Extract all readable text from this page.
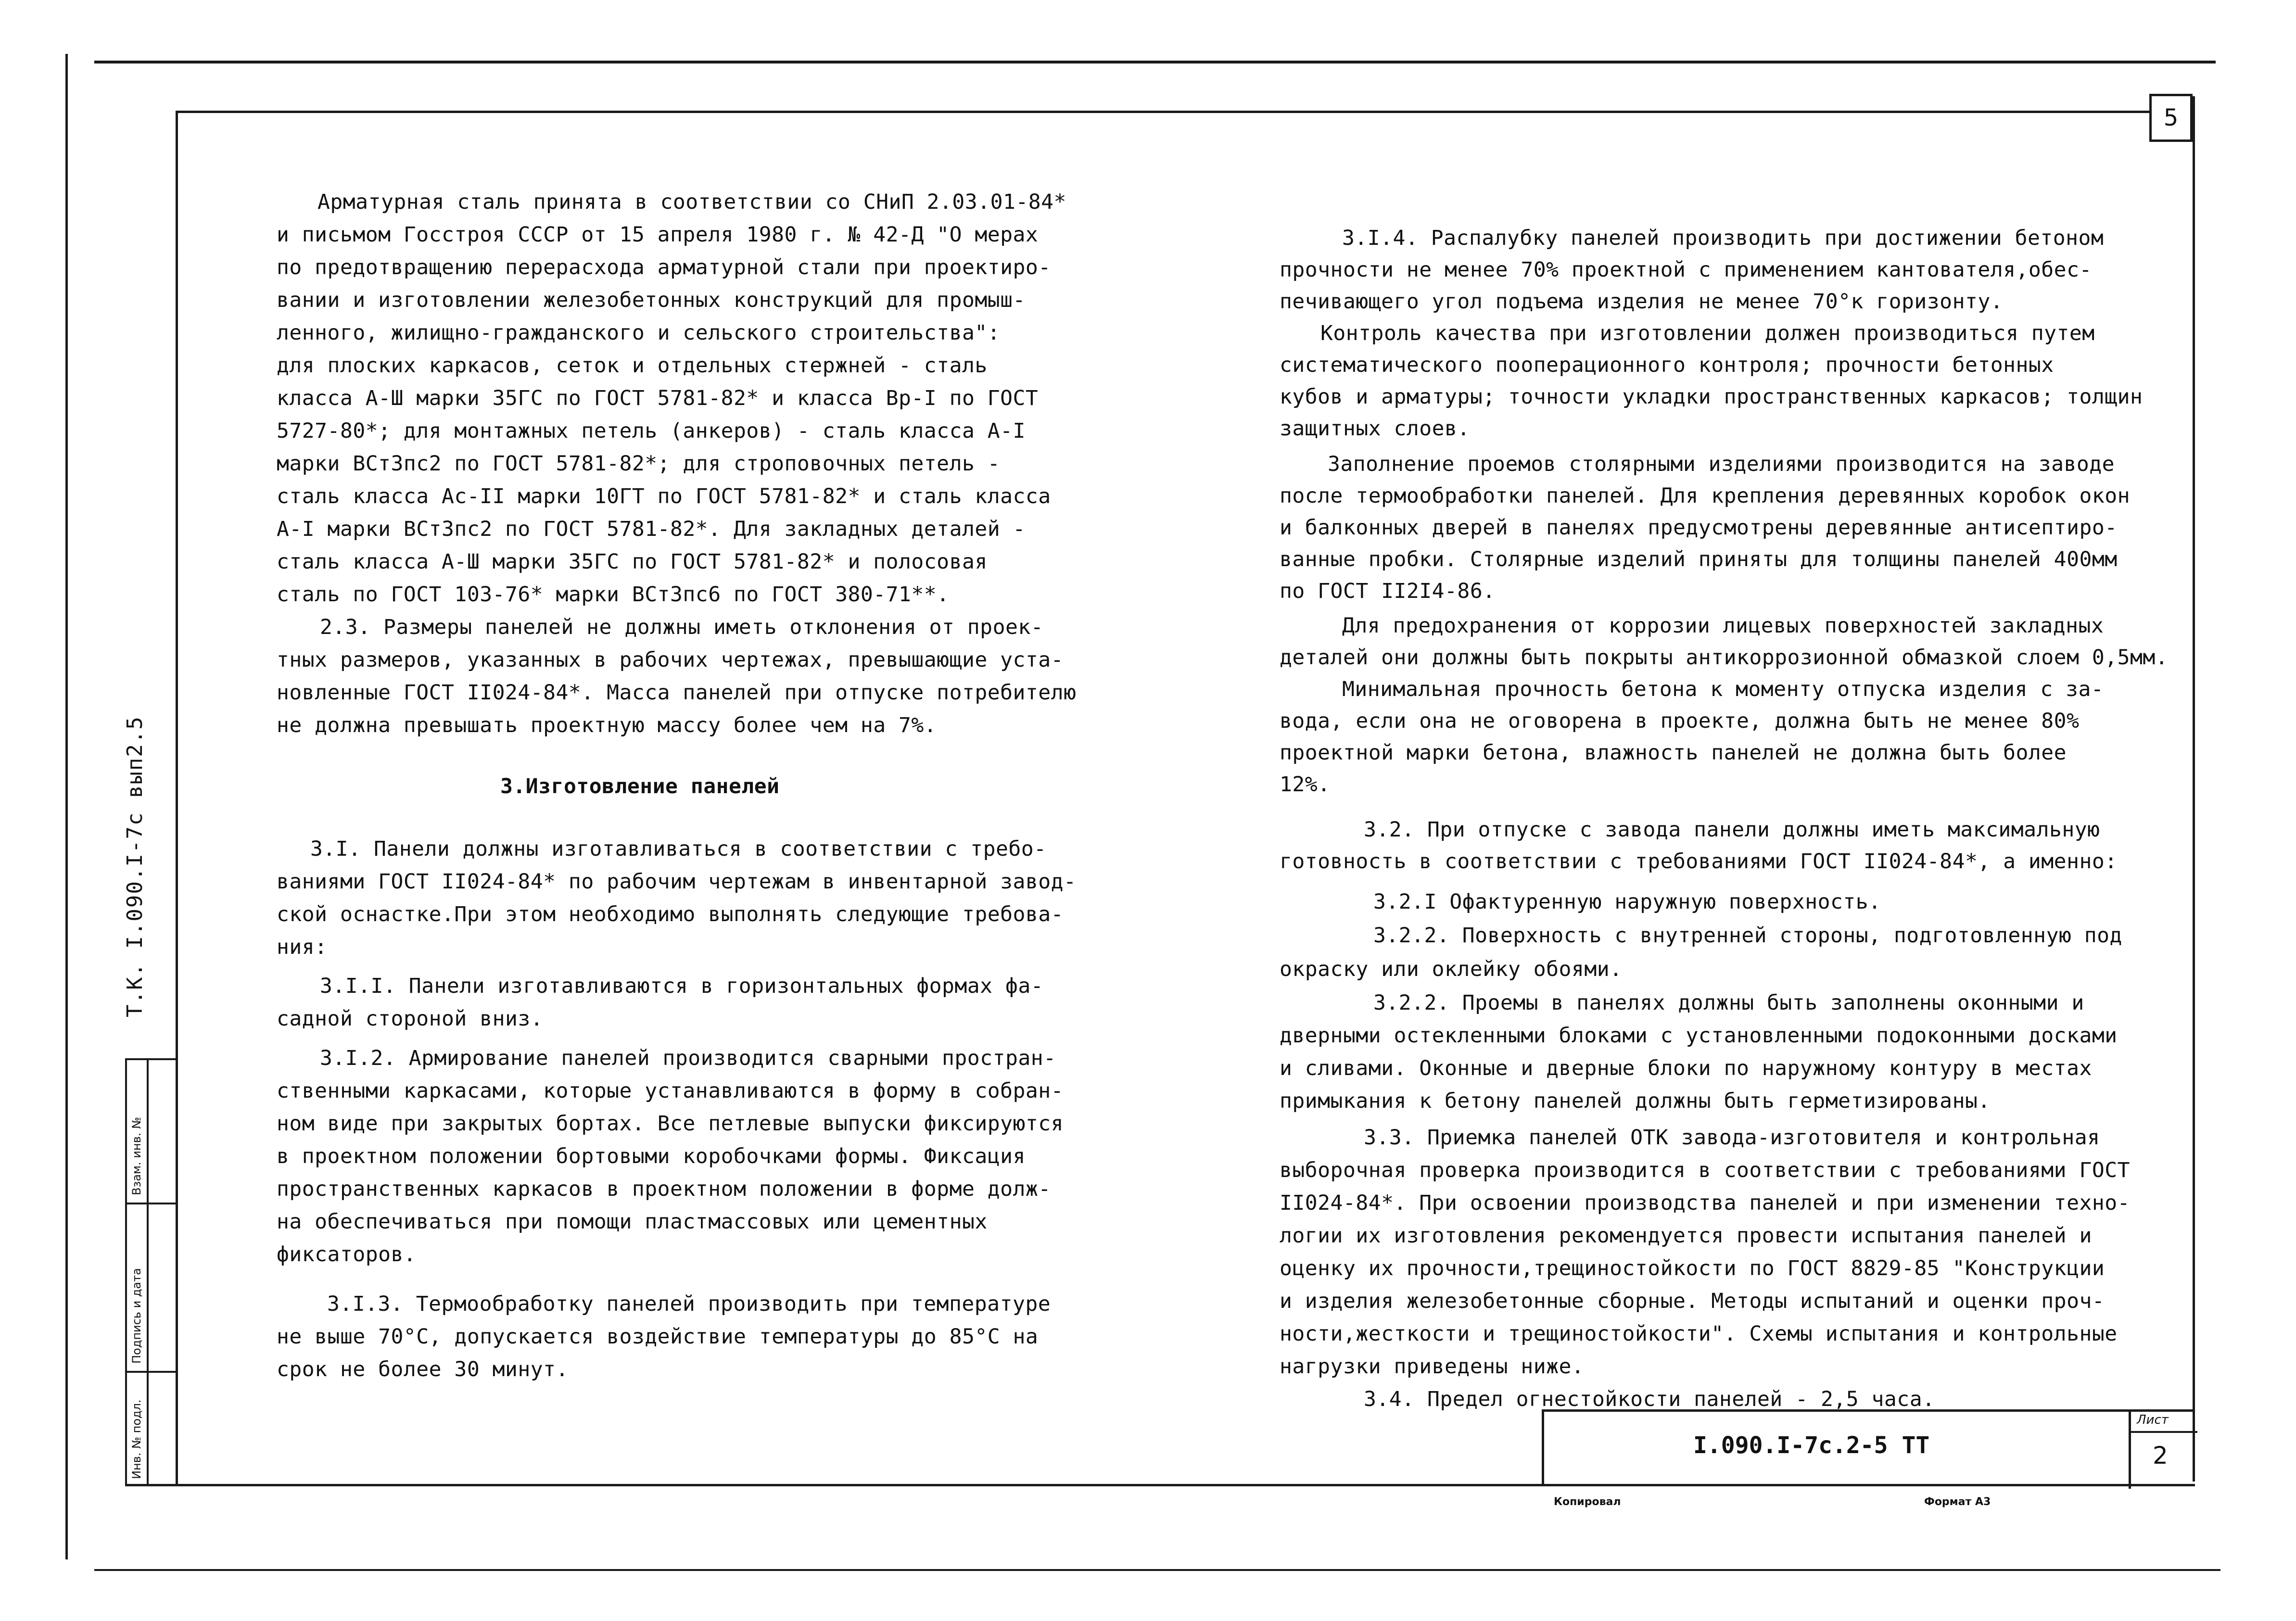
5
Инв. № подл.
Подпись и дата
Взам. инв. №
Т.К. I.090.I-7c вып2.5
Арматурная сталь принята в соответствии со СНиП 2.03.01-84*
и письмом Госстроя СССР от 15 апреля 1980 г. № 42-Д "О мерах
по предотвращению перерасхода арматурной стали при проектиро-
вании и изготовлении железобетонных конструкций для промыш-
ленного, жилищно-гражданского и сельского строительства":
для плоских каркасов, сеток и отдельных стержней - сталь
класса А-Ш марки 35ГС по ГОСТ 5781-82* и класса Вр-I по ГОСТ
5727-80*; для монтажных петель (анкеров) - сталь класса А-I
марки ВСт3пс2 по ГОСТ 5781-82*; для строповочных петель -
сталь класса Ас-II марки 10ГТ по ГОСТ 5781-82* и сталь класса
А-I марки ВСт3пс2 по ГОСТ 5781-82*. Для закладных деталей -
сталь класса А-Ш марки 35ГС по ГОСТ 5781-82* и полосовая
сталь по ГОСТ 103-76* марки ВСт3пс6 по ГОСТ 380-71**.
2.3. Размеры панелей не должны иметь отклонения от проек-
тных размеров, указанных в рабочих чертежах, превышающие уста-
новленные ГОСТ II024-84*. Масса панелей при отпуске потребителю
не должна превышать проектную массу более чем на 7%.
3.Изготовление панелей
3.I. Панели должны изготавливаться в соответствии с требо-
ваниями ГОСТ II024-84* по рабочим чертежам в инвентарной завод-
ской оснастке.При этом необходимо выполнять следующие требова-
ния:
3.I.I. Панели изготавливаются в горизонтальных формах фа-
садной стороной вниз.
3.I.2. Армирование панелей производится сварными простран-
ственными каркасами, которые устанавливаются в форму в собран-
ном виде при закрытых бортах. Все петлевые выпуски фиксируются
в проектном положении бортовыми коробочками формы. Фиксация
пространственных каркасов в проектном положении в форме долж-
на обеспечиваться при помощи пластмассовых или цементных
фиксаторов.
3.I.3. Термообработку панелей производить при температуре
не выше 70°С, допускается воздействие температуры до 85°С на
срок не более 30 минут.
3.I.4. Распалубку панелей производить при достижении бетоном
прочности не менее 70% проектной с применением кантователя,обес-
печивающего угол подъема изделия не менее 70°к горизонту.
Контроль качества при изготовлении должен производиться путем
систематического пооперационного контроля; прочности бетонных
кубов и арматуры; точности укладки пространственных каркасов; толщин
защитных слоев.
Заполнение проемов столярными изделиями производится на заводе
после термообработки панелей. Для крепления деревянных коробок окон
и балконных дверей в панелях предусмотрены деревянные антисептиро-
ванные пробки. Столярные изделий приняты для толщины панелей 400мм
по ГОСТ II2I4-86.
Для предохранения от коррозии лицевых поверхностей закладных
деталей они должны быть покрыты антикоррозионной обмазкой слоем 0,5мм.
Минимальная прочность бетона к моменту отпуска изделия с за-
вода, если она не оговорена в проекте, должна быть не менее 80%
проектной марки бетона, влажность панелей не должна быть более
12%.
3.2. При отпуске с завода панели должны иметь максимальную
готовность в соответствии с требованиями ГОСТ II024-84*, а именно:
3.2.I Офактуренную наружную поверхность.
3.2.2. Поверхность с внутренней стороны, подготовленную под
окраску или оклейку обоями.
3.2.2. Проемы в панелях должны быть заполнены оконными и
дверными остекленными блоками с установленными подоконными досками
и сливами. Оконные и дверные блоки по наружному контуру в местах
примыкания к бетону панелей должны быть герметизированы.
3.3. Приемка панелей ОТК завода-изготовителя и контрольная
выборочная проверка производится в соответствии с требованиями ГОСТ
II024-84*. При освоении производства панелей и при изменении техно-
логии их изготовления рекомендуется провести испытания панелей и
оценку их прочности,трещиностойкости по ГОСТ 8829-85 "Конструкции
и изделия железобетонные сборные. Методы испытаний и оценки проч-
ности,жесткости и трещиностойкости". Схемы испытания и контрольные
нагрузки приведены ниже.
3.4. Предел огнестойкости панелей - 2,5 часа.
I.090.I-7c.2-5 ТТ
Лист
2
Копировал	Формат А3
